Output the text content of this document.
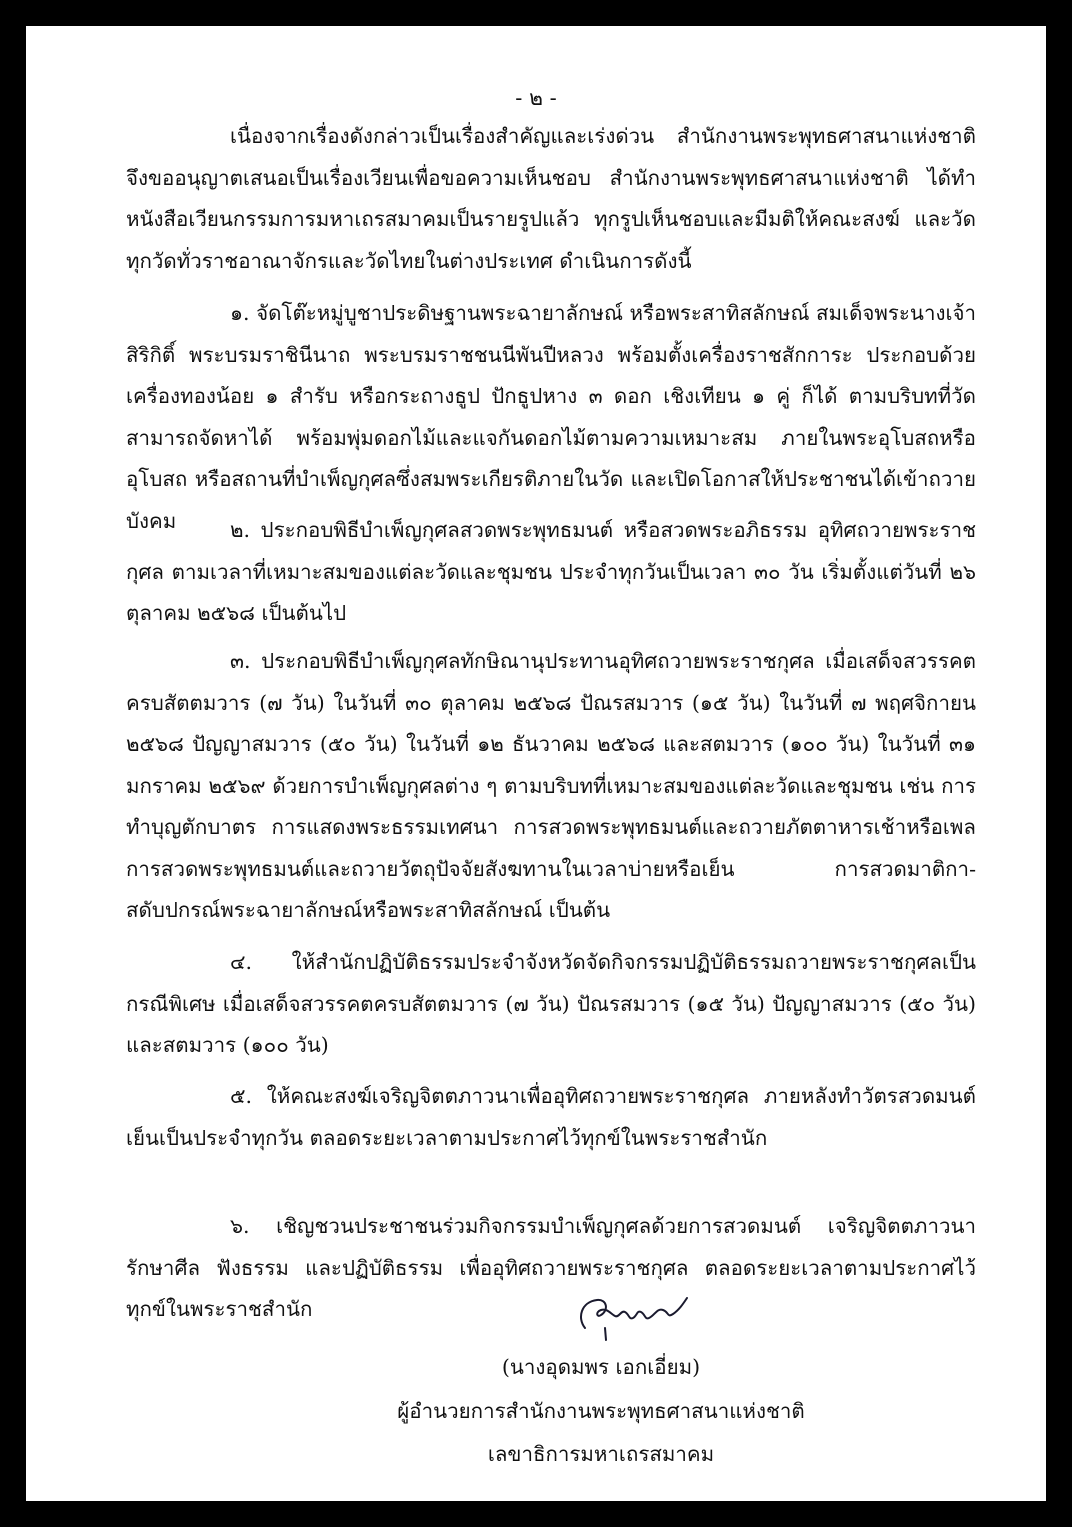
- ๒ -

เนื่องจากเรื่องดังกล่าวเป็นเรื่องสำคัญและเร่งด่วน สำนักงานพระพุทธศาสนาแห่งชาติ จึงขออนุญาตเสนอเป็นเรื่องเวียนเพื่อขอความเห็นชอบ สำนักงานพระพุทธศาสนาแห่งชาติ ได้ทำหนังสือเวียนกรรมการมหาเถรสมาคมเป็นรายรูปแล้ว ทุกรูปเห็นชอบและมีมติให้คณะสงฆ์ และวัดทุกวัดทั่วราชอาณาจักรและวัดไทยในต่างประเทศ ดำเนินการดังนี้

๑. จัดโต๊ะหมู่บูชาประดิษฐานพระฉายาลักษณ์ หรือพระสาทิสลักษณ์ สมเด็จพระนางเจ้าสิริกิติ์ พระบรมราชินีนาถ พระบรมราชชนนีพันปีหลวง พร้อมตั้งเครื่องราชสักการะ ประกอบด้วย เครื่องทองน้อย ๑ สำรับ หรือกระถางธูป ปักธูปหาง ๓ ดอก เชิงเทียน ๑ คู่ ก็ได้ ตามบริบทที่วัดสามารถจัดหาได้ พร้อมพุ่มดอกไม้และแจกันดอกไม้ตามความเหมาะสม ภายในพระอุโบสถหรืออุโบสถ หรือสถานที่บำเพ็ญกุศลซึ่งสมพระเกียรติภายในวัด และเปิดโอกาสให้ประชาชนได้เข้าถวายบังคม	๒. ประกอบพิธีบำเพ็ญกุศลสวดพระพุทธมนต์ หรือสวดพระอภิธรรม อุทิศถวายพระราชกุศล ตามเวลาที่เหมาะสมของแต่ละวัดและชุมชน ประจำทุกวันเป็นเวลา ๓๐ วัน เริ่มตั้งแต่วันที่ ๒๖ ตุลาคม ๒๕๖๘ เป็นต้นไป

๓. ประกอบพิธีบำเพ็ญกุศลทักษิณานุประทานอุทิศถวายพระราชกุศล เมื่อเสด็จสวรรคตครบสัตตมวาร (๗ วัน) ในวันที่ ๓๐ ตุลาคม ๒๕๖๘ ปัณรสมวาร (๑๕ วัน) ในวันที่ ๗ พฤศจิกายน ๒๕๖๘ ปัญญาสมวาร (๕๐ วัน) ในวันที่ ๑๒ ธันวาคม ๒๕๖๘ และสตมวาร (๑๐๐ วัน) ในวันที่ ๓๑ มกราคม ๒๕๖๙ ด้วยการบำเพ็ญกุศลต่าง ๆ ตามบริบทที่เหมาะสมของแต่ละวัดและชุมชน เช่น การทำบุญตักบาตร การแสดงพระธรรมเทศนา การสวดพระพุทธมนต์และถวายภัตตาหารเช้าหรือเพล การสวดพระพุทธมนต์และถวายวัตถุปัจจัยสังฆทานในเวลาบ่ายหรือเย็น การสวดมาติกา-สดับปกรณ์พระฉายาลักษณ์หรือพระสาทิสลักษณ์ เป็นต้น

๔. ให้สำนักปฏิบัติธรรมประจำจังหวัดจัดกิจกรรมปฏิบัติธรรมถวายพระราชกุศลเป็นกรณีพิเศษ เมื่อเสด็จสวรรคตครบสัตตมวาร (๗ วัน) ปัณรสมวาร (๑๕ วัน) ปัญญาสมวาร (๕๐ วัน) และสตมวาร (๑๐๐ วัน)

๕. ให้คณะสงฆ์เจริญจิตตภาวนาเพื่ออุทิศถวายพระราชกุศล ภายหลังทำวัตรสวดมนต์เย็นเป็นประจำทุกวัน ตลอดระยะเวลาตามประกาศไว้ทุกข์ในพระราชสำนัก

๖. เชิญชวนประชาชนร่วมกิจกรรมบำเพ็ญกุศลด้วยการสวดมนต์ เจริญจิตตภาวนา รักษาศีล ฟังธรรม และปฏิบัติธรรม เพื่ออุทิศถวายพระราชกุศล ตลอดระยะเวลาตามประกาศไว้ทุกข์ในพระราชสำนัก

(นางอุดมพร เอกเอี่ยม)
ผู้อำนวยการสำนักงานพระพุทธศาสนาแห่งชาติ
เลขาธิการมหาเถรสมาคม
